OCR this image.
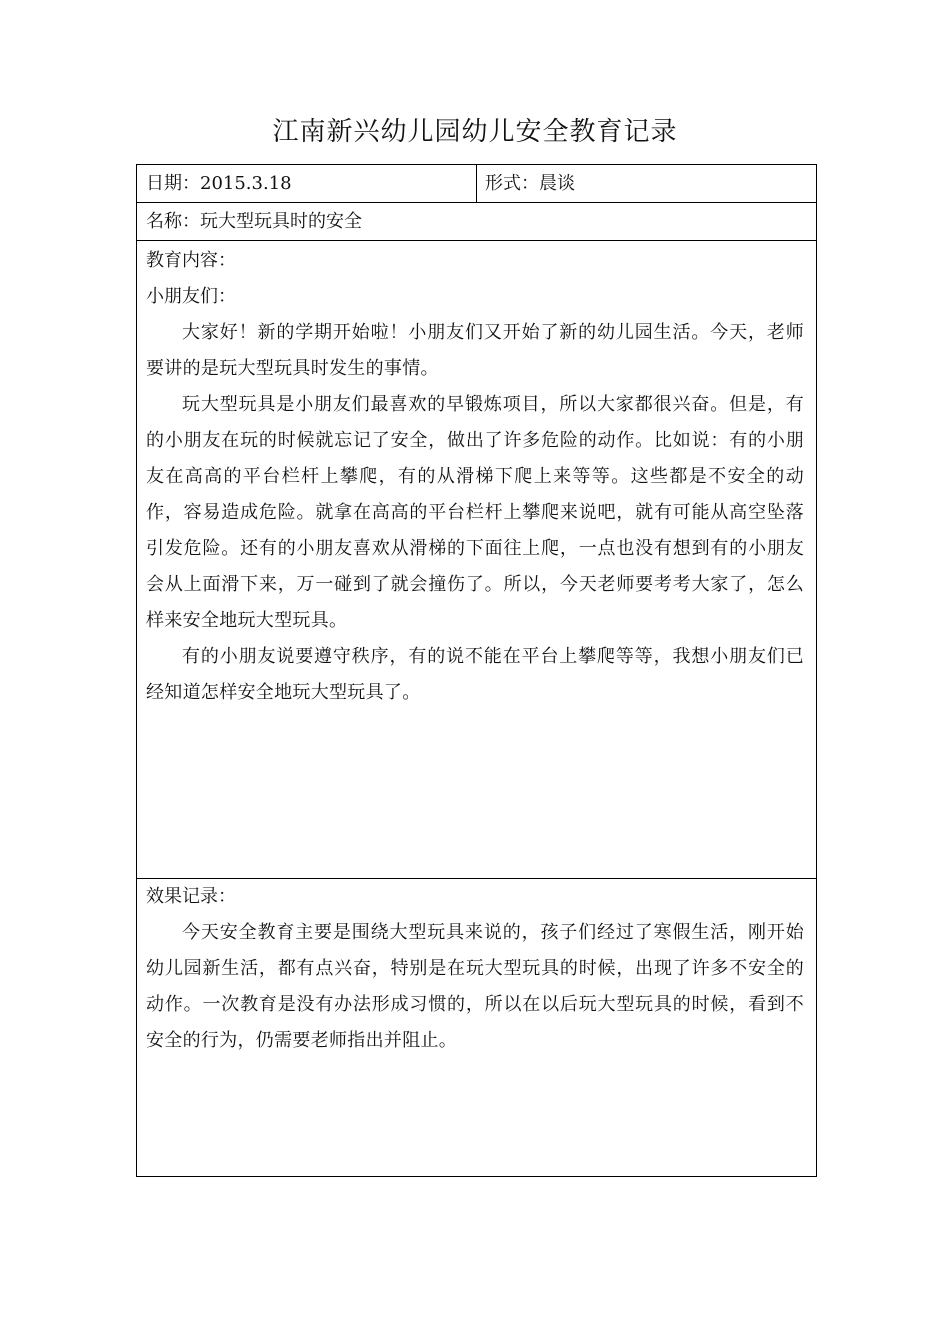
江南新兴幼儿园幼儿安全教育记录
日期：2015.3.18	形式：晨谈
名称：玩大型玩具时的安全
教育内容：
小朋友们：

大家好！新的学期开始啦！小朋友们又开始了新的幼儿园生活。今天，老师要讲的是玩大型玩具时发生的事情。

玩大型玩具是小朋友们最喜欢的早锻炼项目，所以大家都很兴奋。但是，有的小朋友在玩的时候就忘记了安全，做出了许多危险的动作。比如说：有的小朋友在高高的平台栏杆上攀爬，有的从滑梯下爬上来等等。这些都是不安全的动作，容易造成危险。就拿在高高的平台栏杆上攀爬来说吧，就有可能从高空坠落引发危险。还有的小朋友喜欢从滑梯的下面往上爬，一点也没有想到有的小朋友会从上面滑下来，万一碰到了就会撞伤了。所以，今天老师要考考大家了，怎么样来安全地玩大型玩具。

有的小朋友说要遵守秩序，有的说不能在平台上攀爬等等，我想小朋友们已经知道怎样安全地玩大型玩具了。

效果记录：

今天安全教育主要是围绕大型玩具来说的，孩子们经过了寒假生活，刚开始幼儿园新生活，都有点兴奋，特别是在玩大型玩具的时候，出现了许多不安全的动作。一次教育是没有办法形成习惯的，所以在以后玩大型玩具的时候，看到不安全的行为，仍需要老师指出并阻止。
